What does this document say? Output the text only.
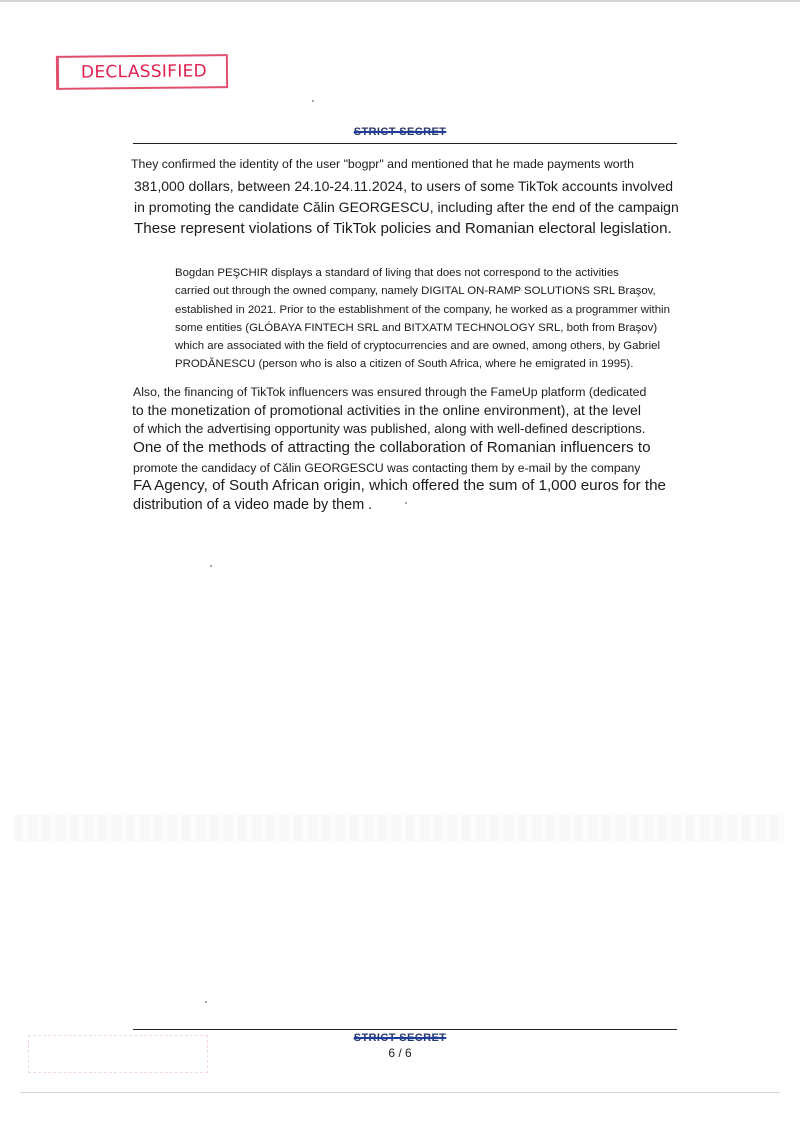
DECLASSIFIED
STRICT SECRET
They confirmed the identity of the user "bogpr" and mentioned that he made payments worth
381,000 dollars, between 24.10-24.11.2024, to users of some TikTok accounts involved
in promoting the candidate Călin GEORGESCU, including after the end of the campaign
These represent violations of TikTok policies and Romanian electoral legislation.
Bogdan PEŞCHIR displays a standard of living that does not correspond to the activities
carried out through the owned company, namely DIGITAL ON-RAMP SOLUTIONS SRL Braşov,
established in 2021. Prior to the establishment of the company, he worked as a programmer within
some entities (GLÓBAYA FINTECH SRL and BITXATM TECHNOLOGY SRL, both from Braşov)
which are associated with the field of cryptocurrencies and are owned, among others, by Gabriel
PRODĂNESCU (person who is also a citizen of South Africa, where he emigrated in 1995).
Also, the financing of TikTok influencers was ensured through the FameUp platform (dedicated
to the monetization of promotional activities in the online environment), at the level
of which the advertising opportunity was published, along with well-defined descriptions.
One of the methods of attracting the collaboration of Romanian influencers to
promote the candidacy of Călin GEORGESCU was contacting them by e-mail by the company
FA Agency, of South African origin, which offered the sum of 1,000 euros for the
distribution of a video made by them .
STRICT SECRET
6 / 6
